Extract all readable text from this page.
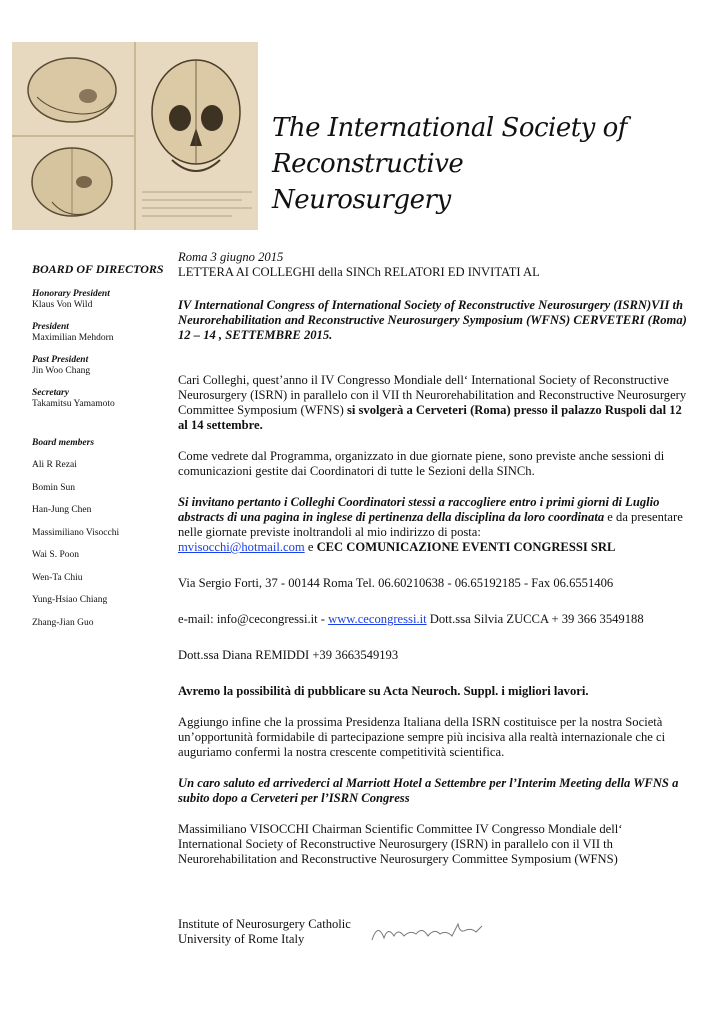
The International Society of Reconstructive
Neurosurgery
BOARD OF DIRECTORS
Honorary President
Klaus Von Wild
President
Maximilian Mehdorn
Past President
Jin Woo Chang
Secretary
Takamitsu Yamamoto
Board members
Ali R Rezai
Bomin Sun
Han-Jung Chen
Massimiliano Visocchi
Wai S. Poon
Wen-Ta Chiu
Yung-Hsiao Chiang
Zhang-Jian Guo

Roma 3 giugno 2015

LETTERA AI COLLEGHI della SINCh RELATORI ED INVITATI AL

IV International Congress of International Society of Reconstructive Neurosurgery (ISRN)VII th Neurorehabilitation and Reconstructive Neurosurgery Symposium (WFNS) CERVETERI (Roma) 12 – 14 , SETTEMBRE 2015.

Cari Colleghi, quest’anno il IV Congresso Mondiale dell‘ International Society of Reconstructive Neurosurgery (ISRN) in parallelo con il VII th Neurorehabilitation and Reconstructive Neurosurgery Committee Symposium (WFNS) si svolgerà a Cerveteri (Roma) presso il palazzo Ruspoli dal 12 al 14 settembre.

Come vedrete dal Programma, organizzato in due giornate piene, sono previste anche sessioni di comunicazioni gestite dai Coordinatori di tutte le Sezioni della SINCh.

Si invitano pertanto i Colleghi Coordinatori stessi a raccogliere entro i primi giorni di Luglio abstracts di una pagina in inglese di pertinenza della disciplina da loro coordinata e da presentare nelle giornate previste inoltrandoli al mio indirizzo di posta:

mvisocchi@hotmail.com e CEC COMUNICAZIONE EVENTI CONGRESSI SRL

Via Sergio Forti, 37 - 00144 Roma Tel. 06.60210638 - 06.65192185 - Fax 06.6551406

e-mail: info@cecongressi.it - www.cecongressi.it Dott.ssa Silvia ZUCCA + 39 366 3549188

Dott.ssa Diana REMIDDI +39 3663549193

Avremo la possibilità di pubblicare su Acta Neuroch. Suppl. i migliori lavori.

Aggiungo infine che la prossima Presidenza Italiana della ISRN costituisce per la nostra Società un’opportunità formidabile di partecipazione sempre più incisiva alla realtà internazionale che ci auguriamo confermi la nostra crescente competitività scientifica.

Un caro saluto ed arrivederci al Marriott Hotel a Settembre per l’Interim Meeting della WFNS a subito dopo a Cerveteri per l’ISRN Congress

Massimiliano VISOCCHI Chairman Scientific Committee IV Congresso Mondiale dell‘ International Society of Reconstructive Neurosurgery (ISRN) in parallelo con il VII th Neurorehabilitation and Reconstructive Neurosurgery Committee Symposium (WFNS)

Institute of Neurosurgery Catholic

University of Rome Italy
